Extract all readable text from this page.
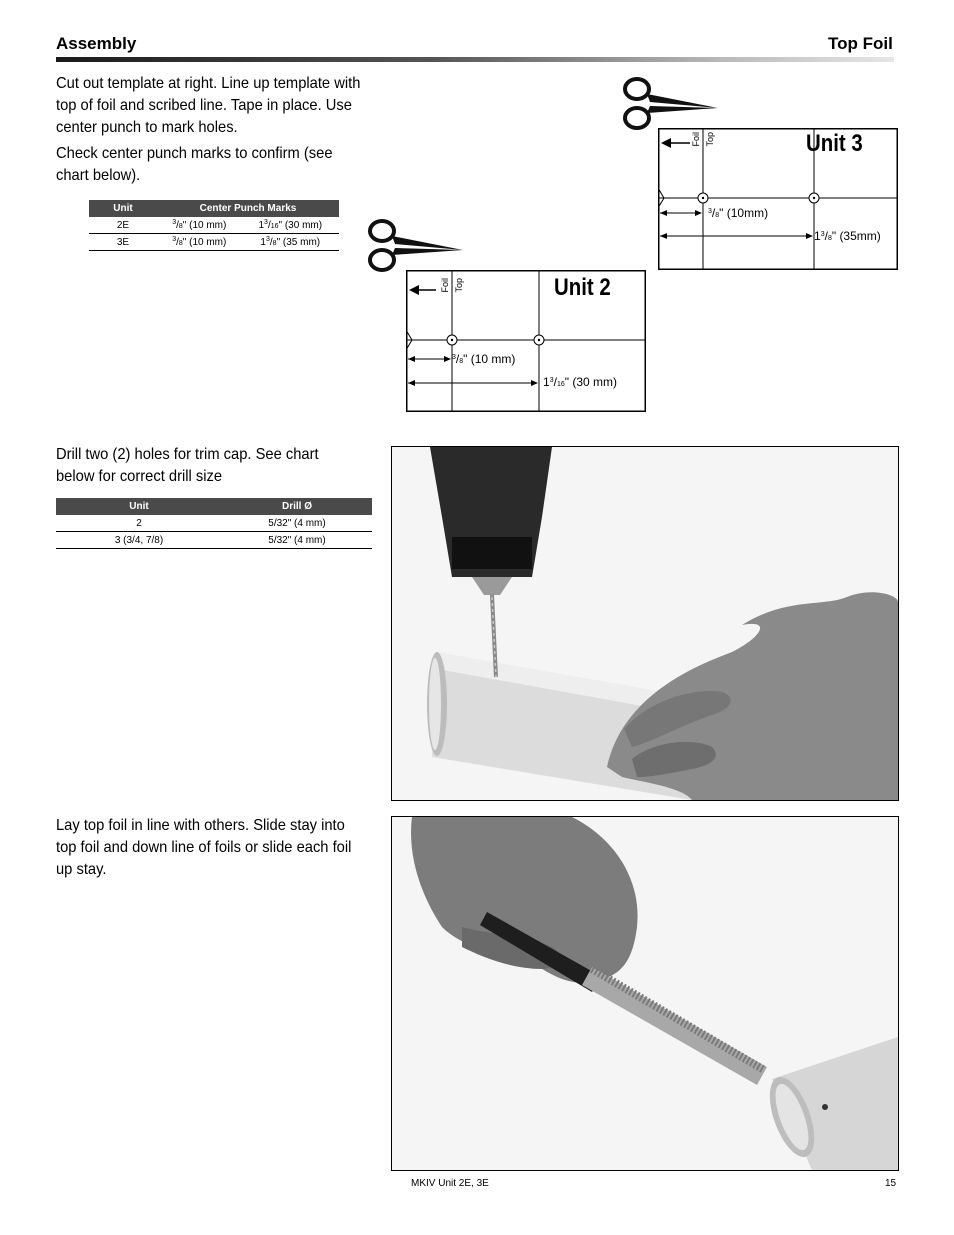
Assembly	Top Foil
Cut out template at right. Line up template with top of foil and scribed line. Tape in place. Use center punch to mark holes.
Check center punch marks to confirm (see chart below).
Unit	Center Punch Marks	
2E	$^3$/8" (10 mm)	$1^3/16$" (30 mm)
3E	$^3$/8" (10 mm)	$1^3/8$" (35 mm)
Unit 3
Foil Top
$^3$/8" (10mm)
$1^3/8$" (35mm)
Unit 2
Foil Top
$^3$/8" (10 mm)
$1^3/16$" (30 mm)
Drill two (2) holes for trim cap. See chart below for correct drill size
Unit	Drill Ø
2	5/32" (4 mm)
3 (3/4, 7/8)	5/32" (4 mm)
Lay top foil in line with others. Slide stay into top foil and down line of foils or slide each foil up stay.
MKIV Unit 2E, 3E	15
